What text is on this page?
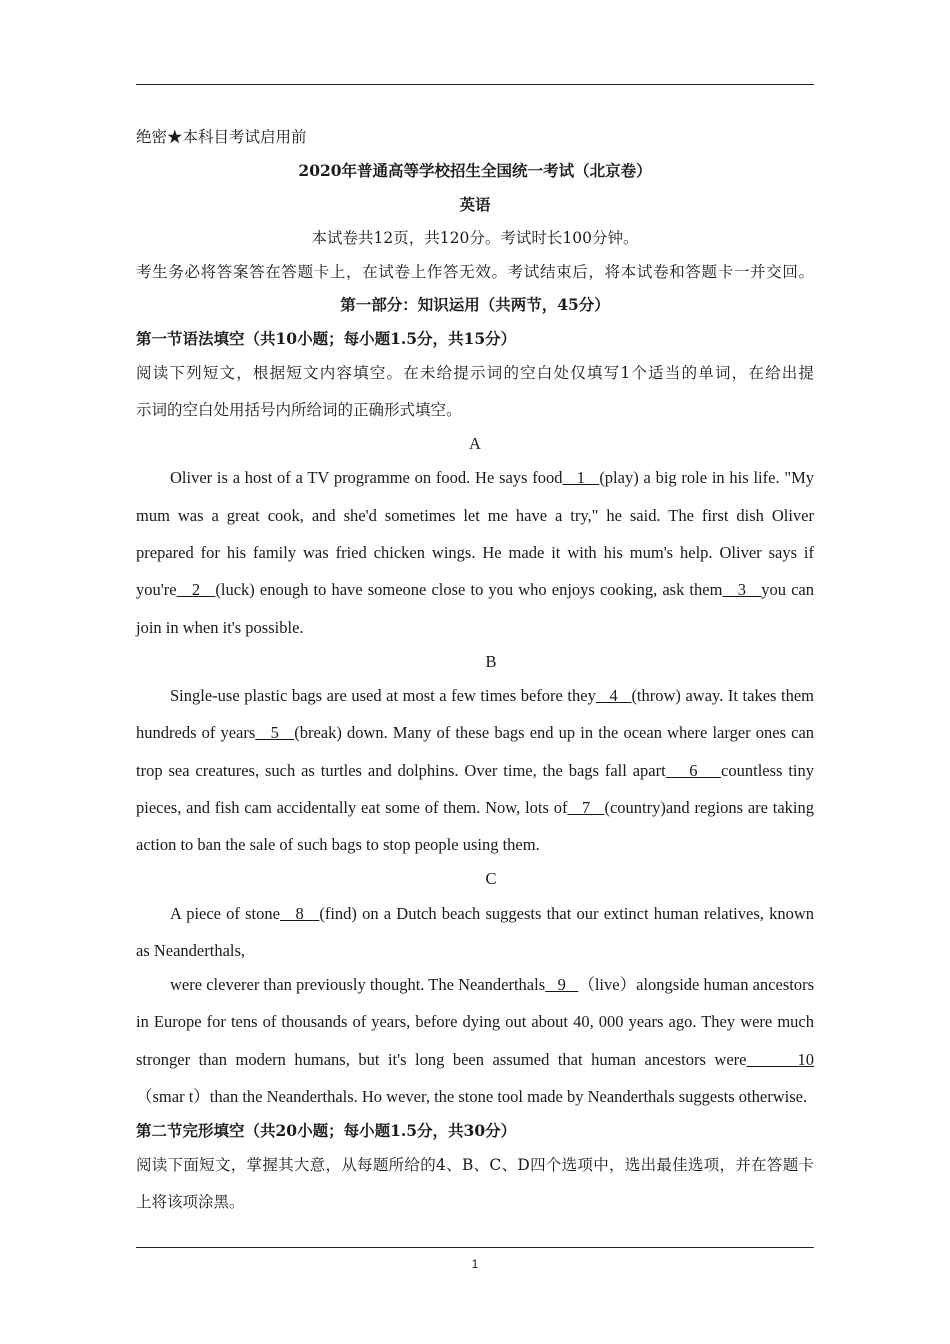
绝密★本科目考试启用前
2020年普通高等学校招生全国统一考试（北京卷）
英语
本试卷共12页，共120分。考试时长100分钟。
考生务必将答案答在答题卡上，在试卷上作答无效。考试结束后，将本试卷和答题卡一并交回。
第一部分：知识运用（共两节，45分）
第一节语法填空（共10小题；每小题1.5分，共15分）
阅读下列短文，根据短文内容填空。在未给提示词的空白处仅填写1个适当的单词，在给出提
示词的空白处用括号内所给词的正确形式填空。
A
Oliver is a host of a TV programme on food. He says food   1   (play) a big role in his life. "My
mum was a great cook, and she'd sometimes let me have a try," he said. The first dish Oliver
prepared for his family was fried chicken wings. He made it with his mum's help. Oliver says if
you're   2   (luck) enough to have someone close to you who enjoys cooking, ask them   3   you can
join in when it's possible.
B
Single-use plastic bags are used at most a few times before they   4   (throw) away. It takes them
hundreds of years   5   (break) down. Many of these bags end up in the ocean where larger ones can
trop sea creatures, such as turtles and dolphins. Over time, the bags fall apart    6    countless tiny
pieces, and fish cam accidentally eat some of them. Now, lots of   7   (country)and regions are taking
action to ban the sale of such bags to stop people using them.
C
A piece of stone   8   (find) on a Dutch beach suggests that our extinct human relatives, known
as Neanderthals,
were cleverer than previously thought. The Neanderthals   9   （live）alongside human ancestors
in Europe for tens of thousands of years, before dying out about 40, 000 years ago. They were much
stronger than modern humans, but it's long been assumed that human ancestors were      10
（smar t）than the Neanderthals. Ho wever, the stone tool made by Neanderthals suggests otherwise.
第二节完形填空（共20小题；每小题1.5分，共30分）
阅读下面短文，掌握其大意，从每题所给的4、B、C、D四个选项中，选出最佳选项，并在答题卡
上将该项涂黑。
1
